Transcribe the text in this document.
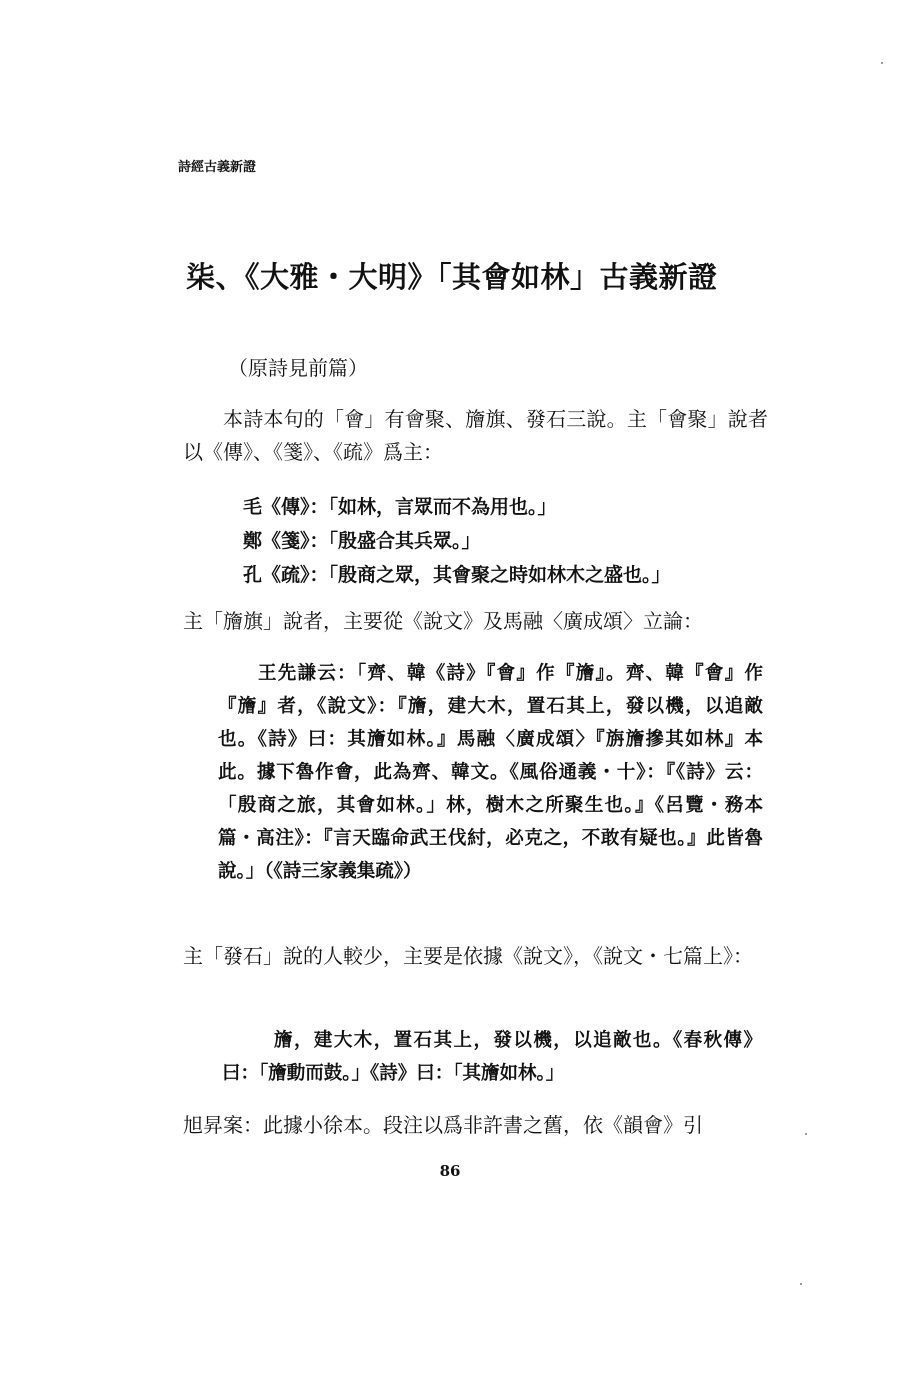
詩經古義新證
柒、《大雅・大明》「其會如林」古義新證
（原詩見前篇）
本詩本句的「會」有會聚、旝旗、發石三說。主「會聚」說者以《傳》、《箋》、《疏》爲主：
毛《傳》：「如林，言眾而不為用也。」
鄭《箋》：「殷盛合其兵眾。」
孔《疏》：「殷商之眾，其會聚之時如林木之盛也。」
主「旝旗」說者，主要從《說文》及馬融〈廣成頌〉立論：
王先謙云：「齊、韓《詩》『會』作『旝』。齊、韓『會』作『旝』者，《說文》：『旝，建大木，置石其上，發以機，以追敵也。《詩》曰：其旝如林。』馬融〈廣成頌〉『旃旝摻其如林』本此。據下魯作會，此為齊、韓文。《風俗通義・十》：『《詩》云：「殷商之旅，其會如林。」林，樹木之所聚生也。』《呂覽・務本篇・高注》：『言天臨命武王伐紂，必克之，不敢有疑也。』此皆魯說。」（《詩三家義集疏》）
主「發石」說的人較少，主要是依據《說文》，《說文・七篇上》：
旝，建大木，置石其上，發以機，以追敵也。《春秋傳》曰：「旝動而鼓。」《詩》曰：「其旝如林。」
旭昇案：此據小徐本。段注以爲非許書之舊，依《韻會》引
86
